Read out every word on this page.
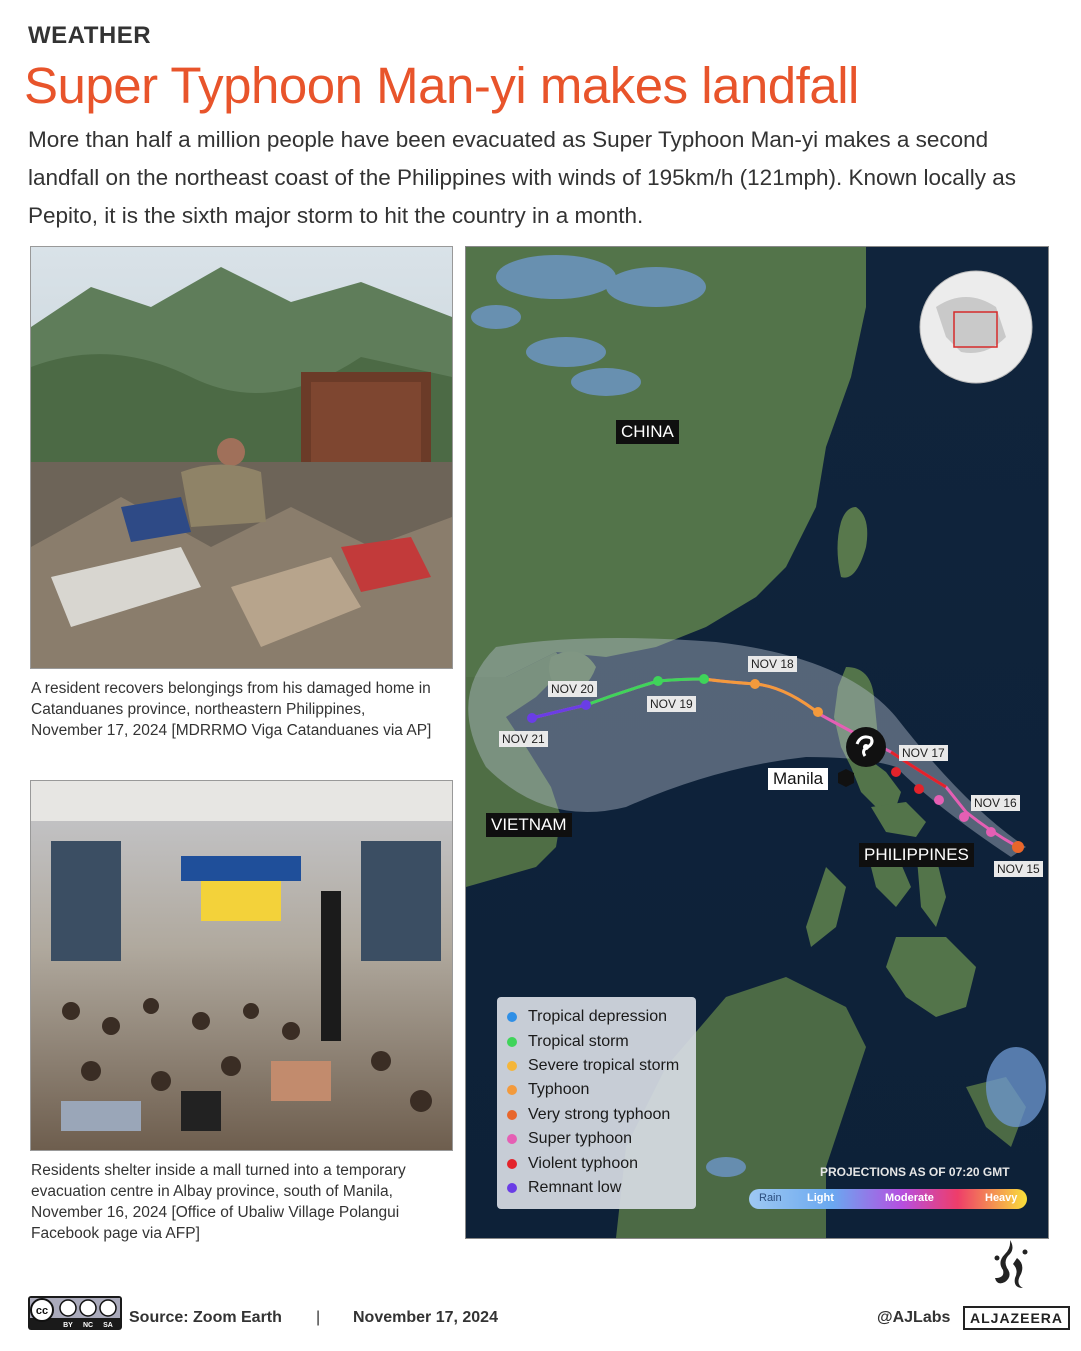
WEATHER
Super Typhoon Man-yi makes landfall
More than half a million people have been evacuated as Super Typhoon Man-yi makes a second landfall on the northeast coast of the Philippines with winds of 195km/h (121mph). Known locally as Pepito, it is the sixth major storm to hit the country in a month.
A resident recovers belongings from his damaged home in Catanduanes province, northeastern Philippines, November 17, 2024 [MDRRMO Viga Catanduanes via AP]
Residents shelter inside a mall turned into a temporary evacuation centre in Albay province, south of Manila, November 16, 2024 [Office of Ubaliw Village Polangui Facebook page via AFP]
CHINA
VIETNAM
PHILIPPINES
Manila
NOV 15
NOV 16
NOV 17
NOV 18
NOV 19
NOV 20
NOV 21
Tropical depression
Tropical storm
Severe tropical storm
Typhoon
Very strong typhoon
Super typhoon
Violent typhoon
Remnant low
PROJECTIONS AS OF 07:20 GMT
Rain Light	Moderate	Heavy
cc
BY NC SA Source: Zoom Earth | November 17, 2024	@AJLabs	ALJAZEERA
